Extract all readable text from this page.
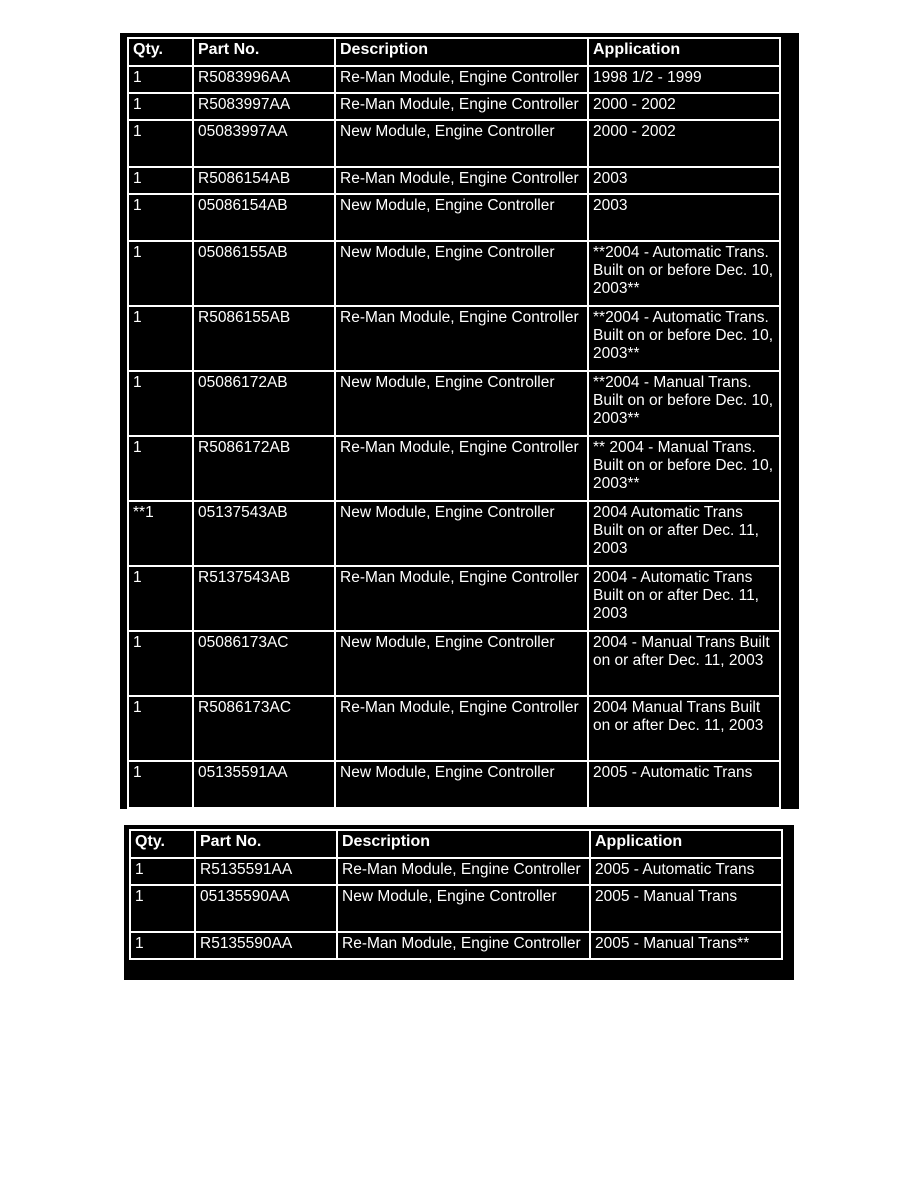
Qty.	Part No.	Description	Application
1	R5083996AA	Re-Man Module, Engine Controller	1998 1/2 - 1999
1	R5083997AA	Re-Man Module, Engine Controller	2000 - 2002
1	05083997AA	New Module, Engine Controller	2000 - 2002
1	R5086154AB	Re-Man Module, Engine Controller	2003
1	05086154AB	New Module, Engine Controller	2003
1	05086155AB	New Module, Engine Controller	**2004 - Automatic Trans. Built on or before Dec. 10, 2003**
1	R5086155AB	Re-Man Module, Engine Controller	**2004 - Automatic Trans. Built on or before Dec. 10, 2003**
1	05086172AB	New Module, Engine Controller	**2004 - Manual Trans. Built on or before Dec. 10, 2003**
1	R5086172AB	Re-Man Module, Engine Controller	** 2004 - Manual Trans. Built on or before Dec. 10, 2003**
**1	05137543AB	New Module, Engine Controller	2004 Automatic Trans Built on or after Dec. 11, 2003
1	R5137543AB	Re-Man Module, Engine Controller	2004 - Automatic Trans Built on or after Dec. 11, 2003
1	05086173AC	New Module, Engine Controller	2004 - Manual Trans Built on or after Dec. 11, 2003
1	R5086173AC	Re-Man Module, Engine Controller	2004 Manual Trans Built on or after Dec. 11, 2003
1	05135591AA	New Module, Engine Controller	2005 - Automatic Trans
Qty.	Part No.	Description	Application
1	R5135591AA	Re-Man Module, Engine Controller	2005 - Automatic Trans
1	05135590AA	New Module, Engine Controller	2005 - Manual Trans
1	R5135590AA	Re-Man Module, Engine Controller	2005 - Manual Trans**
